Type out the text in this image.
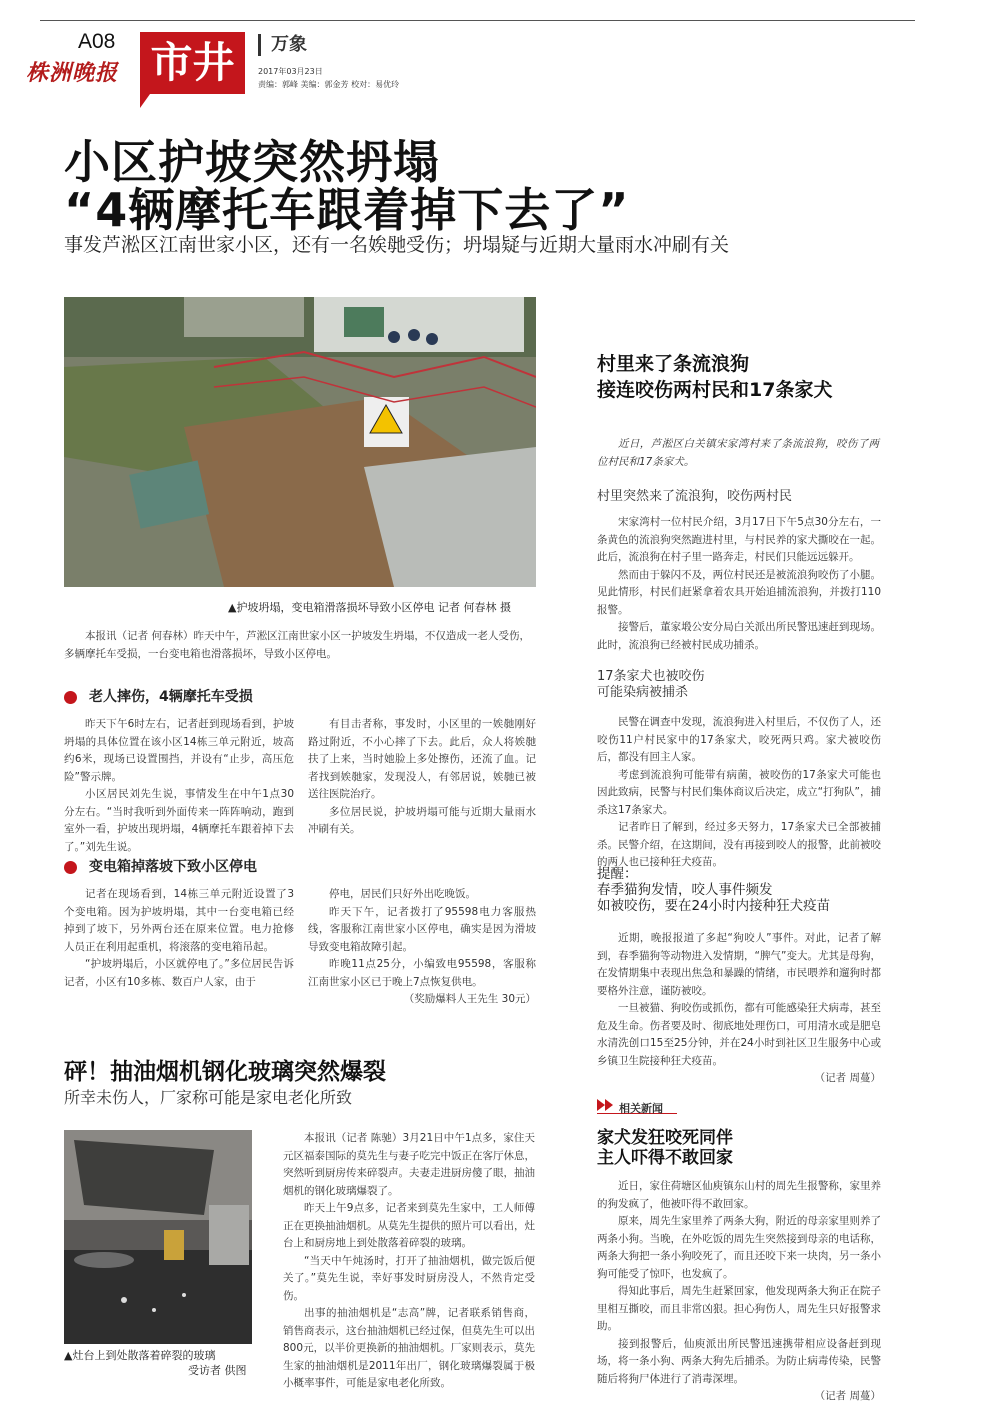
A08
株洲晚报 市井	万象
2017年03月23日
责编：郭峰 美编：郭金芳 校对：易优玲
小区护坡突然坍塌
“4辆摩托车跟着掉下去了”
事发芦淞区江南世家小区，还有一名娭毑受伤；坍塌疑与近期大量雨水冲刷有关
▲护坡坍塌，变电箱滑落损坏导致小区停电 记者 何春林 摄

本报讯（记者 何春林）昨天中午，芦淞区江南世家小区一护坡发生坍塌，不仅造成一老人受伤，多辆摩托车受损，一台变电箱也滑落损坏，导致小区停电。

老人摔伤，4辆摩托车受损

昨天下午6时左右，记者赶到现场看到，护坡坍塌的具体位置在该小区14栋三单元附近，坡高约6米，现场已设置围挡，并设有“止步，高压危险”警示牌。

小区居民刘先生说，事情发生在中午1点30分左右。“当时我听到外面传来一阵阵响动，跑到室外一看，护坡出现坍塌，4辆摩托车跟着掉下去了。”刘先生说。

有目击者称，事发时，小区里的一娭毑刚好路过附近，不小心摔了下去。此后，众人将娭毑扶了上来，当时她脸上多处擦伤，还流了血。记者找到娭毑家，发现没人，有邻居说，娭毑已被送往医院治疗。

多位居民说，护坡坍塌可能与近期大量雨水冲刷有关。

变电箱掉落坡下致小区停电

记者在现场看到，14栋三单元附近设置了3个变电箱。因为护坡坍塌，其中一台变电箱已经掉到了坡下，另外两台还在原来位置。电力抢修人员正在利用起重机，将滚落的变电箱吊起。

“护坡坍塌后，小区就停电了。”多位居民告诉记者，小区有10多栋、数百户人家，由于

停电，居民们只好外出吃晚饭。

昨天下午，记者拨打了95598电力客服热线，客服称江南世家小区停电，确实是因为滑坡导致变电箱故障引起。

昨晚11点25分，小编致电95598，客服称江南世家小区已于晚上7点恢复供电。

（奖励爆料人王先生 30元）
砰！抽油烟机钢化玻璃突然爆裂
所幸未伤人，厂家称可能是家电老化所致
▲灶台上到处散落着碎裂的玻璃
受访者 供图

本报讯（记者 陈驰）3月21日中午1点多，家住天元区福泰国际的莫先生与妻子吃完中饭正在客厅休息，突然听到厨房传来碎裂声。夫妻走进厨房傻了眼，抽油烟机的钢化玻璃爆裂了。

昨天上午9点多，记者来到莫先生家中，工人师傅正在更换抽油烟机。从莫先生提供的照片可以看出，灶台上和厨房地上到处散落着碎裂的玻璃。

“当天中午炖汤时，打开了抽油烟机，做完饭后便关了。”莫先生说，幸好事发时厨房没人，不然肯定受伤。

出事的抽油烟机是“志高”牌，记者联系销售商，销售商表示，这台抽油烟机已经过保，但莫先生可以出800元，以半价更换新的抽油烟机。厂家则表示，莫先生家的抽油烟机是2011年出厂，钢化玻璃爆裂属于极小概率事件，可能是家电老化所致。

村里来了条流浪狗
接连咬伤两村民和17条家犬

近日，芦淞区白关镇宋家湾村来了条流浪狗，咬伤了两位村民和17条家犬。

村里突然来了流浪狗，咬伤两村民

宋家湾村一位村民介绍，3月17日下午5点30分左右，一条黄色的流浪狗突然跑进村里，与村民养的家犬撕咬在一起。此后，流浪狗在村子里一路奔走，村民们只能远远躲开。

然而由于躲闪不及，两位村民还是被流浪狗咬伤了小腿。见此情形，村民们赶紧拿着农具开始追捕流浪狗，并拨打110报警。

接警后，董家塅公安分局白关派出所民警迅速赶到现场。此时，流浪狗已经被村民成功捕杀。

17条家犬也被咬伤
可能染病被捕杀

民警在调查中发现，流浪狗进入村里后，不仅伤了人，还咬伤11户村民家中的17条家犬，咬死两只鸡。家犬被咬伤后，都没有回主人家。

考虑到流浪狗可能带有病菌，被咬伤的17条家犬可能也因此致病，民警与村民们集体商议后决定，成立“打狗队”，捕杀这17条家犬。

记者昨日了解到，经过多天努力，17条家犬已全部被捕杀。民警介绍，在这期间，没有再接到咬人的报警，此前被咬的两人也已接种狂犬疫苗。

提醒：
春季猫狗发情，咬人事件频发
如被咬伤，要在24小时内接种狂犬疫苗

近期，晚报报道了多起“狗咬人”事件。对此，记者了解到，春季猫狗等动物进入发情期，“脾气”变大。尤其是母狗，在发情期集中表现出焦急和暴躁的情绪，市民喂养和遛狗时都要格外注意，谨防被咬。

一旦被猫、狗咬伤或抓伤，都有可能感染狂犬病毒，甚至危及生命。伤者要及时、彻底地处理伤口，可用清水或是肥皂水清洗创口15至25分钟，并在24小时到社区卫生服务中心或乡镇卫生院接种狂犬疫苗。

（记者 周蔓）
相关新闻
家犬发狂咬死同伴
主人吓得不敢回家

近日，家住荷塘区仙庾镇东山村的周先生报警称，家里养的狗发疯了，他被吓得不敢回家。

原来，周先生家里养了两条大狗，附近的母亲家里则养了两条小狗。当晚，在外吃饭的周先生突然接到母亲的电话称，两条大狗把一条小狗咬死了，而且还咬下来一块肉，另一条小狗可能受了惊吓，也发疯了。

得知此事后，周先生赶紧回家，他发现两条大狗正在院子里相互撕咬，而且非常凶狠。担心狗伤人，周先生只好报警求助。

接到报警后，仙庾派出所民警迅速携带相应设备赶到现场，将一条小狗、两条大狗先后捕杀。为防止病毒传染，民警随后将狗尸体进行了消毒深埋。

（记者 周蔓）
